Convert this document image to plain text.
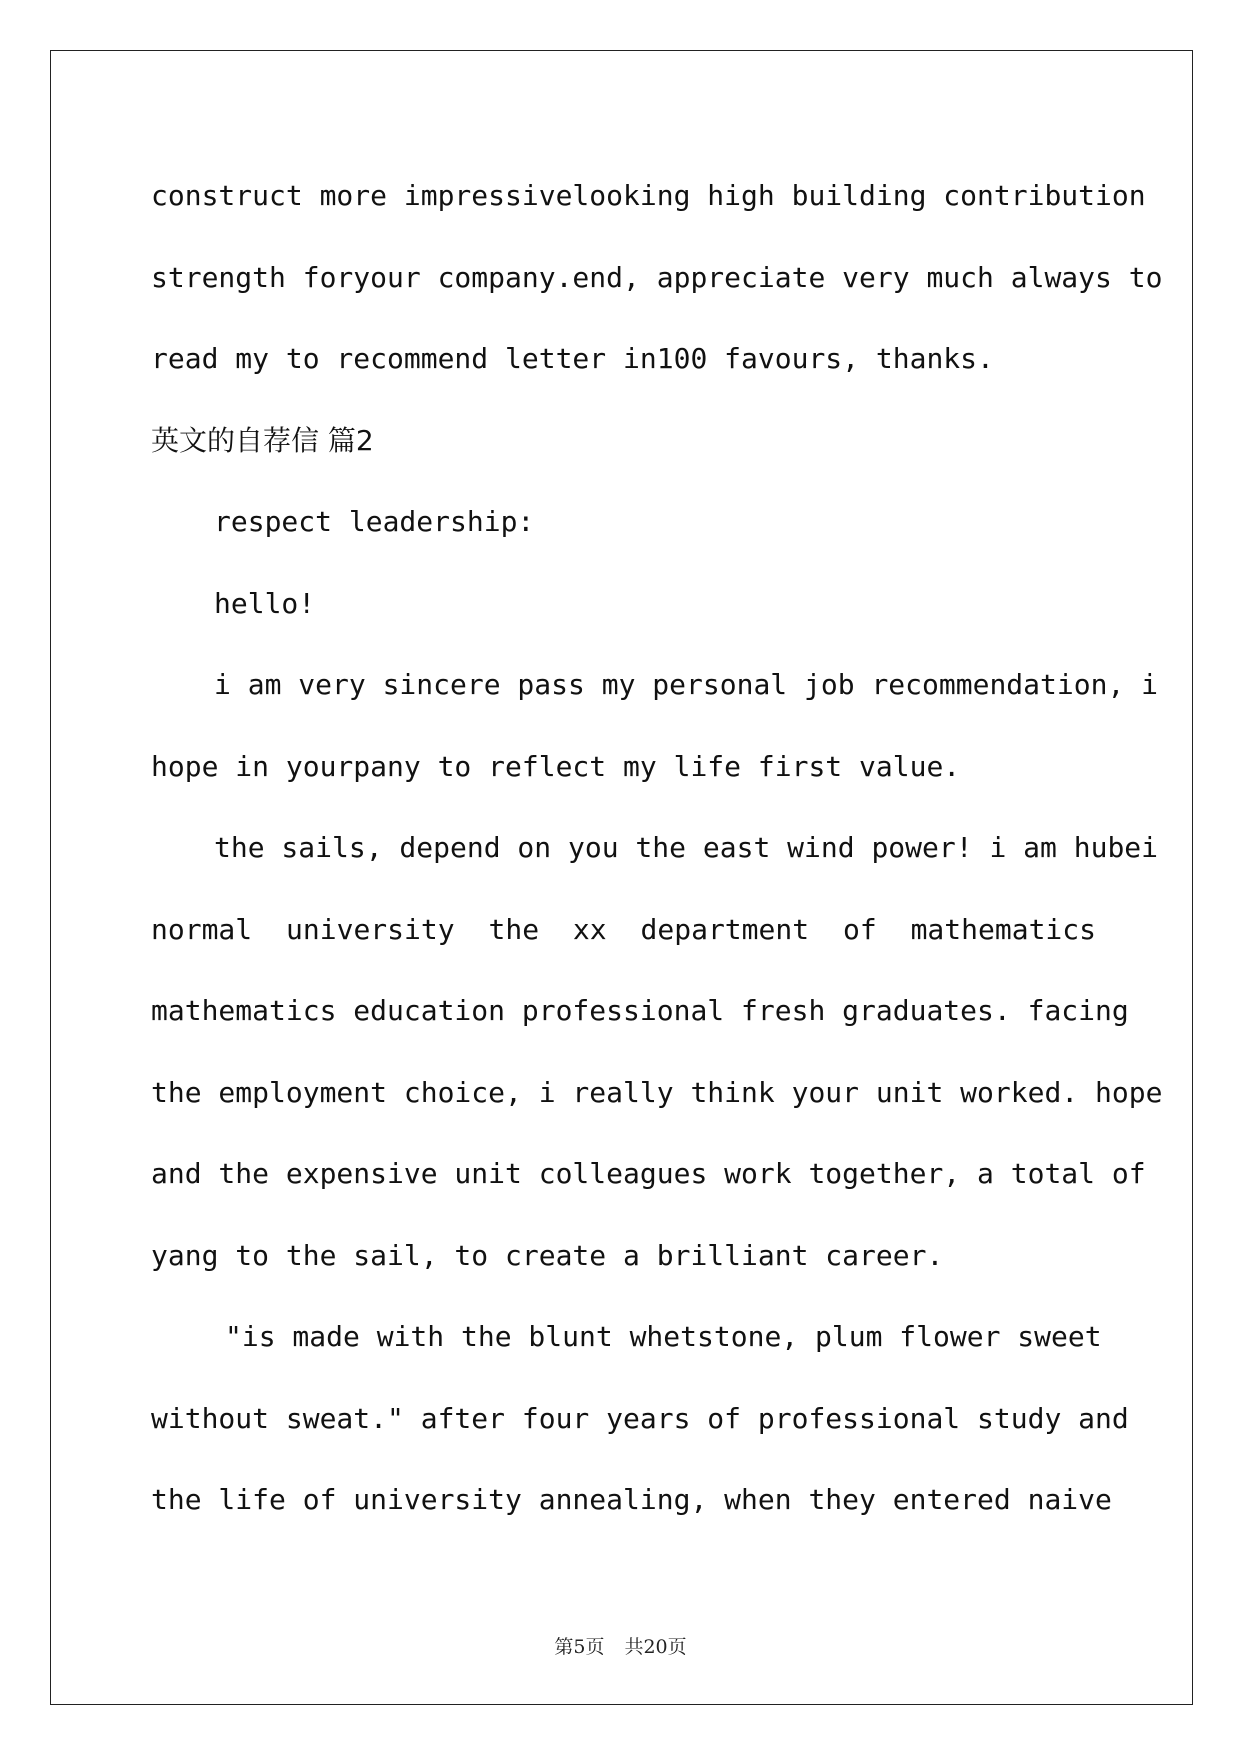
construct more impressivelooking high building contribution
strength foryour company.end, appreciate very much always to
read my to recommend letter in100 favours, thanks.
英文的自荐信 篇2
respect leadership:
hello!
i am very sincere pass my personal job recommendation, i
hope in yourpany to reflect my life first value.
the sails, depend on you the east wind power! i am hubei
normal university the xx department of mathematics
mathematics education professional fresh graduates. facing
the employment choice, i really think your unit worked. hope
and the expensive unit colleagues work together, a total of
yang to the sail, to create a brilliant career.
"is made with the blunt whetstone, plum flower sweet
without sweat." after four years of professional study and
the life of university annealing, when they entered naive
第5页 共20页
